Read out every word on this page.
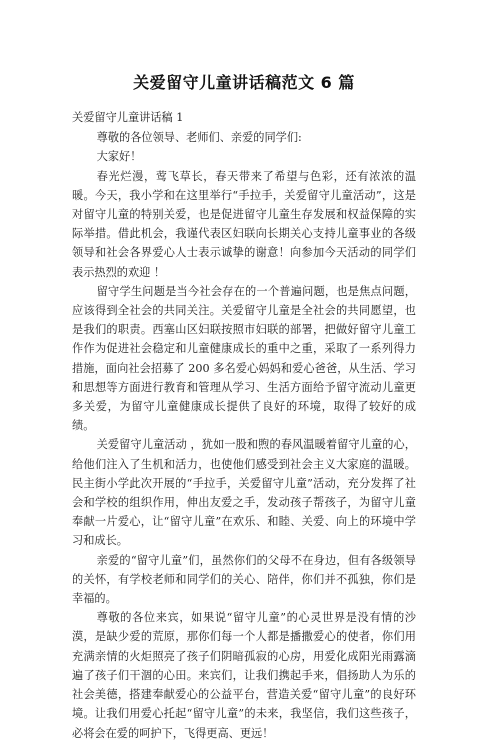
关爱留守儿童讲话稿范文 6 篇

关爱留守儿童讲话稿 1

尊敬的各位领导、老师们、亲爱的同学们:

大家好！

春光烂漫，莺飞草长，春天带来了希望与色彩，还有浓浓的温暖。今天，我小学和在这里举行“手拉手，关爱留守儿童活动”，这是对留守儿童的特别关爱，也是促进留守儿童生存发展和权益保障的实际举措。借此机会，我谨代表区妇联向长期关心支持儿童事业的各级领导和社会各界爱心人士表示诚挚的谢意！向参加今天活动的同学们表示热烈的欢迎 ！

留守学生问题是当今社会存在的一个普遍问题，也是焦点问题，应该得到全社会的共同关注。关爱留守儿童是全社会的共同愿望，也是我们的职责。西塞山区妇联按照市妇联的部署，把做好留守儿童工作作为促进社会稳定和儿童健康成长的重中之重，采取了一系列得力措施，面向社会招募了 200 多名爱心妈妈和爱心爸爸，从生活、学习和思想等方面进行教育和管理从学习、生活方面给予留守流动儿童更多关爱，为留守儿童健康成长提供了良好的环境，取得了较好的成绩。

关爱留守儿童活动 ，犹如一股和煦的春风温暖着留守儿童的心，给他们注入了生机和活力，也使他们感受到社会主义大家庭的温暖。民主街小学此次开展的“手拉手，关爱留守儿童”活动，充分发挥了社会和学校的组织作用，伸出友爱之手，发动孩子帮孩子，为留守儿童奉献一片爱心，让“留守儿童”在欢乐、和睦、关爱、向上的环境中学习和成长。

亲爱的“留守儿童”们，虽然你们的父母不在身边，但有各级领导的关怀，有学校老师和同学们的关心、陪伴，你们并不孤独，你们是幸福的。

尊敬的各位来宾，如果说“留守儿童”的心灵世界是没有情的沙漠，是缺少爱的荒原，那你们每一个人都是播撒爱心的使者，你们用充满亲情的火炬照亮了孩子们阴暗孤寂的心房，用爱化成阳光雨露滴遍了孩子们干涸的心田。来宾们，让我们携起手来，倡扬助人为乐的社会美德，搭建奉献爱心的公益平台，营造关爱“留守儿童”的良好环境。让我们用爱心托起“留守儿童”的未来，我坚信，我们这些孩子，必将会在爱的呵护下，飞得更高、更远！
